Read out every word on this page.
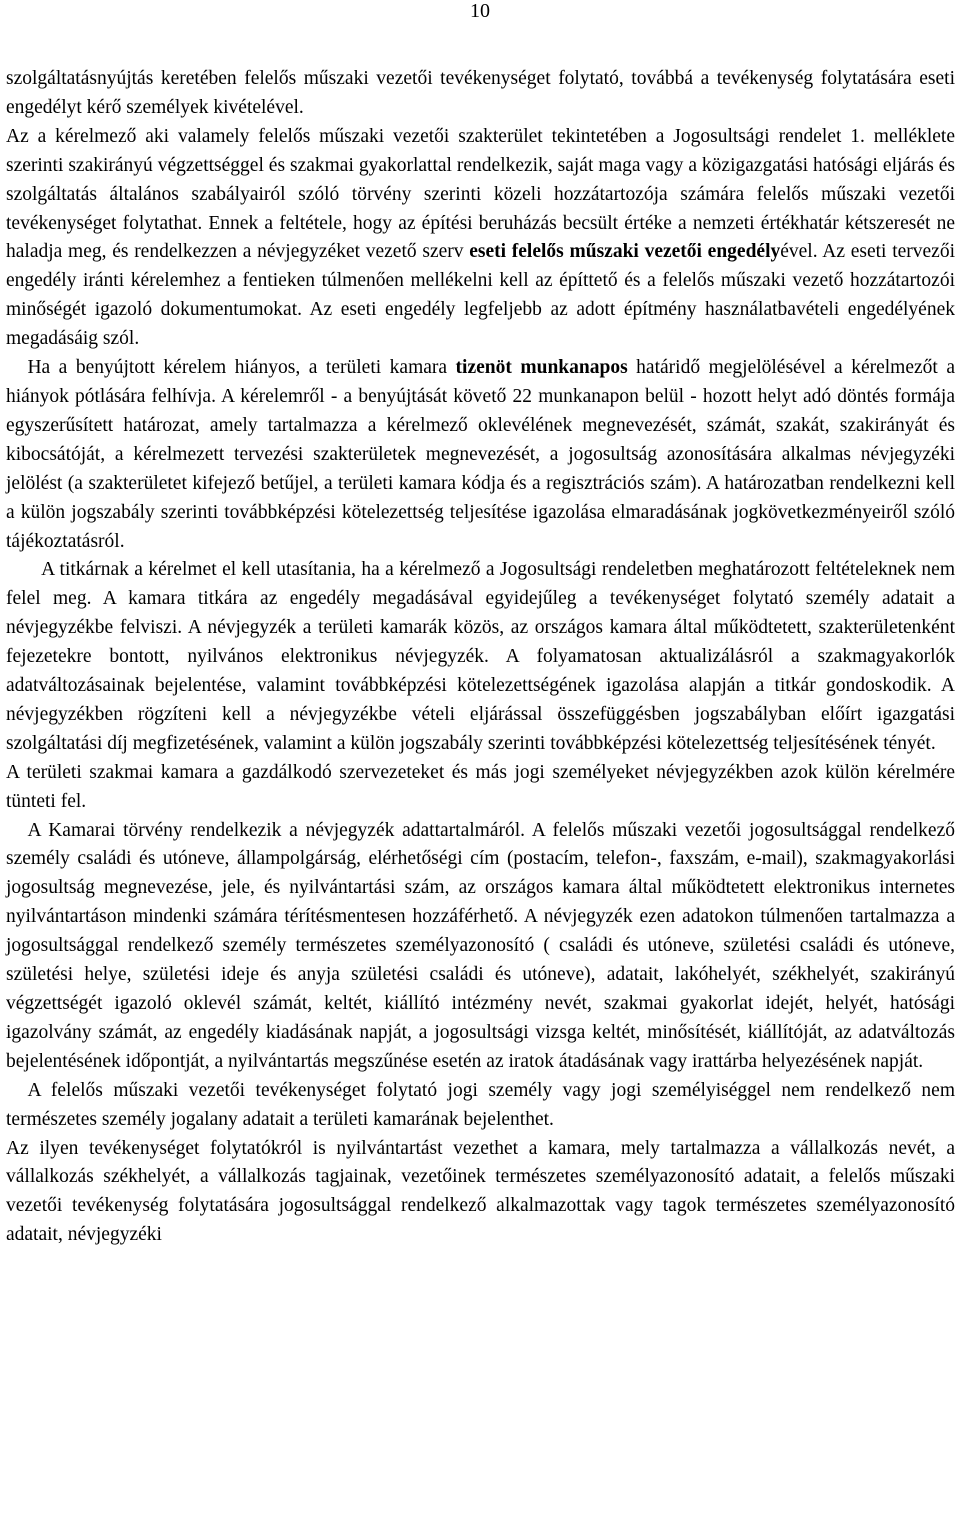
10

szolgáltatásnyújtás keretében felelős műszaki vezetői tevékenységet folytató, továbbá a tevékenység folytatására eseti engedélyt kérő személyek kivételével.

Az a kérelmező aki valamely felelős műszaki vezetői szakterület tekintetében a Jogosultsági rendelet 1. melléklete szerinti szakirányú végzettséggel és szakmai gyakorlattal rendelkezik, saját maga vagy a közigazgatási hatósági eljárás és szolgáltatás általános szabályairól szóló törvény szerinti közeli hozzátartozója számára felelős műszaki vezetői tevékenységet folytathat. Ennek a feltétele, hogy az építési beruházás becsült értéke a nemzeti értékhatár kétszeresét ne haladja meg, és rendelkezzen a névjegyzéket vezető szerv eseti felelős műszaki vezetői engedélyével. Az eseti tervezői engedély iránti kérelemhez a fentieken túlmenően mellékelni kell az építtető és a felelős műszaki vezető hozzátartozói minőségét igazoló dokumentumokat. Az eseti engedély legfeljebb az adott építmény használatbavételi engedélyének megadásáig szól.

Ha a benyújtott kérelem hiányos, a területi kamara tizenöt munkanapos határidő megjelölésével a kérelmezőt a hiányok pótlására felhívja. A kérelemről - a benyújtását követő 22 munkanapon belül - hozott helyt adó döntés formája egyszerűsített határozat, amely tartalmazza a kérelmező oklevélének megnevezését, számát, szakát, szakirányát és kibocsátóját, a kérelmezett tervezési szakterületek megnevezését, a jogosultság azonosítására alkalmas névjegyzéki jelölést (a szakterületet kifejező betűjel, a területi kamara kódja és a regisztrációs szám). A határozatban rendelkezni kell a külön jogszabály szerinti továbbképzési kötelezettség teljesítése igazolása elmaradásának jogkövetkezményeiről szóló tájékoztatásról.

A titkárnak a kérelmet el kell utasítania, ha a kérelmező a Jogosultsági rendeletben meghatározott feltételeknek nem felel meg. A kamara titkára az engedély megadásával egyidejűleg a tevékenységet folytató személy adatait a névjegyzékbe felviszi. A névjegyzék a területi kamarák közös, az országos kamara által működtetett, szakterületenként fejezetekre bontott, nyilvános elektronikus névjegyzék. A folyamatosan aktualizálásról a szakmagyakorlók adatváltozásainak bejelentése, valamint továbbképzési kötelezettségének igazolása alapján a titkár gondoskodik. A névjegyzékben rögzíteni kell a névjegyzékbe vételi eljárással összefüggésben jogszabályban előírt igazgatási szolgáltatási díj megfizetésének, valamint a külön jogszabály szerinti továbbképzési kötelezettség teljesítésének tényét.

A területi szakmai kamara a gazdálkodó szervezeteket és más jogi személyeket névjegyzékben azok külön kérelmére tünteti fel.

A Kamarai törvény rendelkezik a névjegyzék adattartalmáról. A felelős műszaki vezetői jogosultsággal rendelkező személy családi és utóneve, állampolgárság, elérhetőségi cím (postacím, telefon-, faxszám, e-mail), szakmagyakorlási jogosultság megnevezése, jele, és nyilvántartási szám, az országos kamara által működtetett elektronikus internetes nyilvántartáson mindenki számára térítésmentesen hozzáférhető. A névjegyzék ezen adatokon túlmenően tartalmazza a jogosultsággal rendelkező személy természetes személyazonosító ( családi és utóneve, születési családi és utóneve, születési helye, születési ideje és anyja születési családi és utóneve), adatait, lakóhelyét, székhelyét, szakirányú végzettségét igazoló oklevél számát, keltét, kiállító intézmény nevét, szakmai gyakorlat idejét, helyét, hatósági igazolvány számát, az engedély kiadásának napját, a jogosultsági vizsga keltét, minősítését, kiállítóját, az adatváltozás bejelentésének időpontját, a nyilvántartás megszűnése esetén az iratok átadásának vagy irattárba helyezésének napját.

A felelős műszaki vezetői tevékenységet folytató jogi személy vagy jogi személyiséggel nem rendelkező nem természetes személy jogalany adatait a területi kamarának bejelenthet.

Az ilyen tevékenységet folytatókról is nyilvántartást vezethet a kamara, mely tartalmazza a vállalkozás nevét, a vállalkozás székhelyét, a vállalkozás tagjainak, vezetőinek természetes személyazonosító adatait, a felelős műszaki vezetői tevékenység folytatására jogosultsággal rendelkező alkalmazottak vagy tagok természetes személyazonosító adatait, névjegyzéki
